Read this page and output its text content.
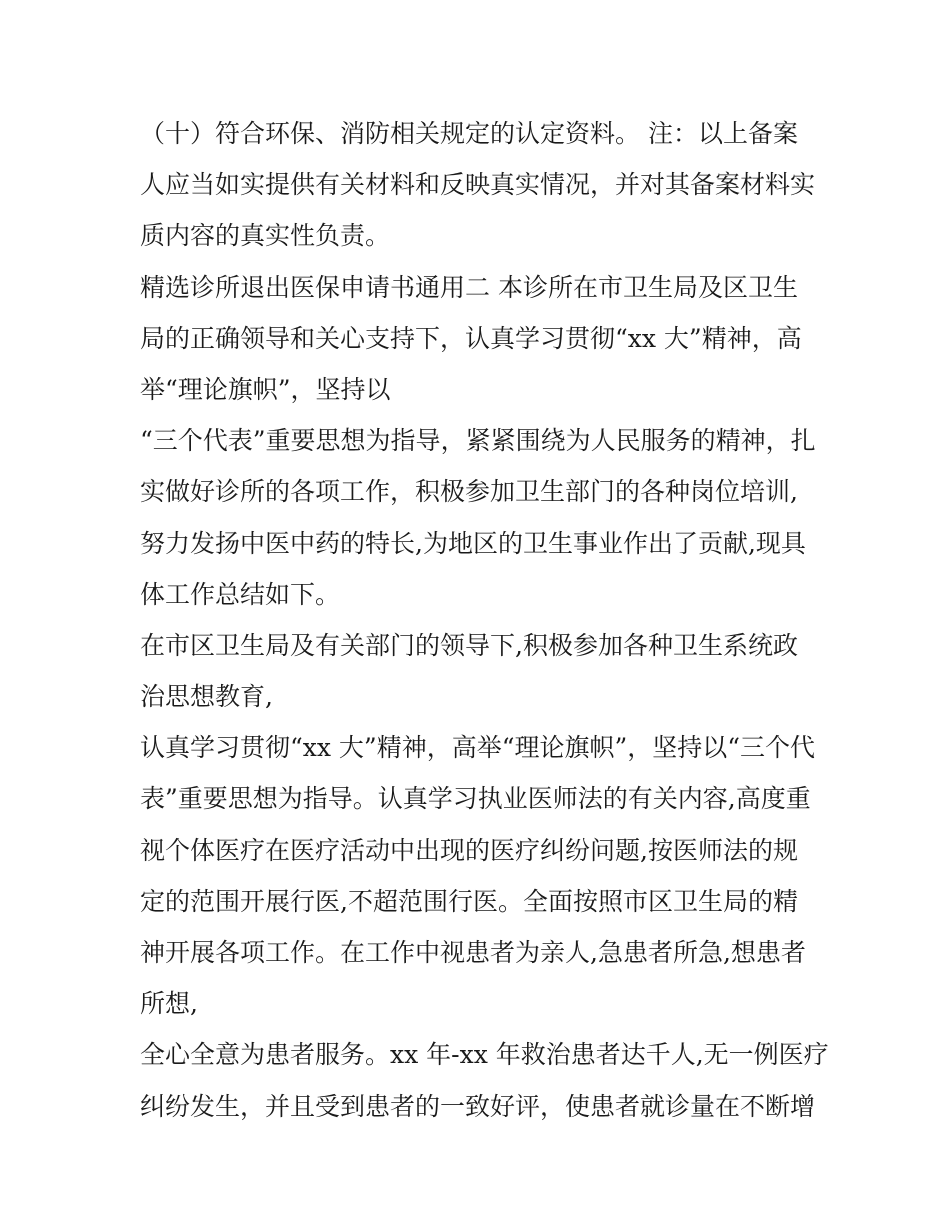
（十）符合环保、消防相关规定的认定资料。 注：以上备案
人应当如实提供有关材料和反映真实情况，并对其备案材料实
质内容的真实性负责。
精选诊所退出医保申请书通用二 本诊所在市卫生局及区卫生
局的正确领导和关心支持下，认真学习贯彻“xx 大”精神，高
举“理论旗帜”，坚持以
“三个代表”重要思想为指导，紧紧围绕为人民服务的精神，扎
实做好诊所的各项工作，积极参加卫生部门的各种岗位培训,
努力发扬中医中药的特长,为地区的卫生事业作出了贡献,现具
体工作总结如下。
在市区卫生局及有关部门的领导下,积极参加各种卫生系统政
治思想教育,
认真学习贯彻“xx 大”精神，高举“理论旗帜”，坚持以“三个代
表”重要思想为指导。认真学习执业医师法的有关内容,高度重
视个体医疗在医疗活动中出现的医疗纠纷问题,按医师法的规
定的范围开展行医,不超范围行医。全面按照市区卫生局的精
神开展各项工作。在工作中视患者为亲人,急患者所急,想患者
所想,
全心全意为患者服务。xx 年-xx 年救治患者达千人,无一例医疗
纠纷发生，并且受到患者的一致好评，使患者就诊量在不断增
